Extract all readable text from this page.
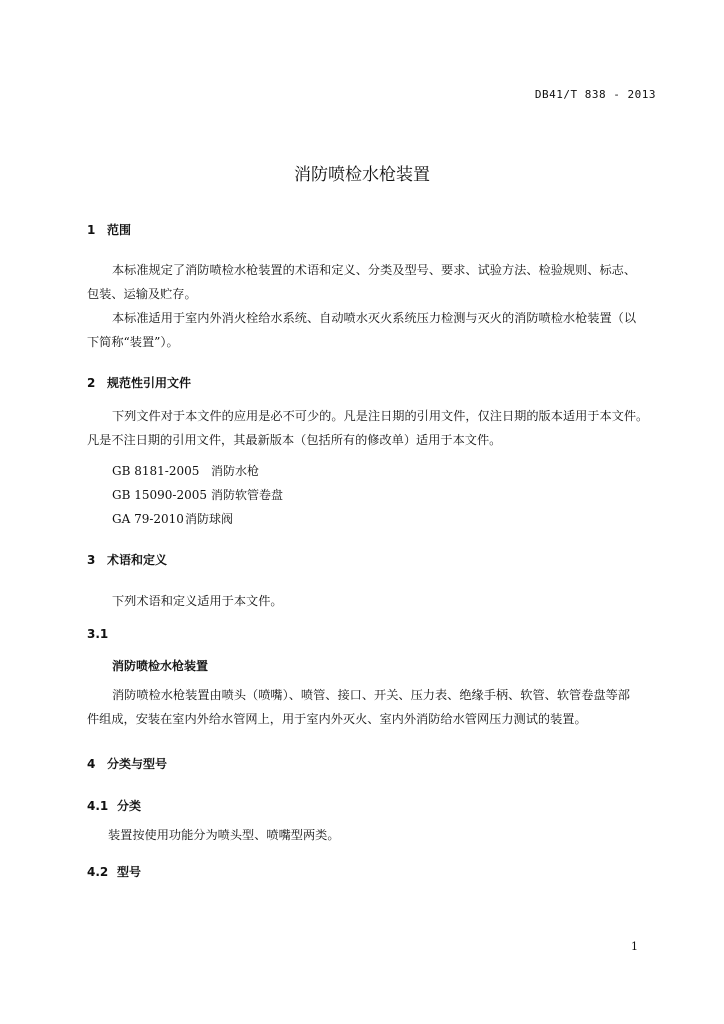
DB41/T 838 - 2013
消防喷检水枪装置
1 范围
本标准规定了消防喷检水枪装置的术语和定义、分类及型号、要求、试验方法、检验规则、标志、
包装、运输及贮存。
本标准适用于室内外消火栓给水系统、自动喷水灭火系统压力检测与灭火的消防喷检水枪装置（以
下简称“装置”）。
2 规范性引用文件
下列文件对于本文件的应用是必不可少的。凡是注日期的引用文件，仅注日期的版本适用于本文件。
凡是不注日期的引用文件，其最新版本（包括所有的修改单）适用于本文件。
GB 8181-2005 消防水枪
GB 15090-2005 消防软管卷盘
GA 79-2010消防球阀
3 术语和定义
下列术语和定义适用于本文件。
3.1
消防喷检水枪装置
消防喷检水枪装置由喷头（喷嘴）、喷管、接口、开关、压力表、绝缘手柄、软管、软管卷盘等部
件组成，安装在室内外给水管网上，用于室内外灭火、室内外消防给水管网压力测试的装置。
4 分类与型号
4.1 分类
装置按使用功能分为喷头型、喷嘴型两类。
4.2 型号
1
